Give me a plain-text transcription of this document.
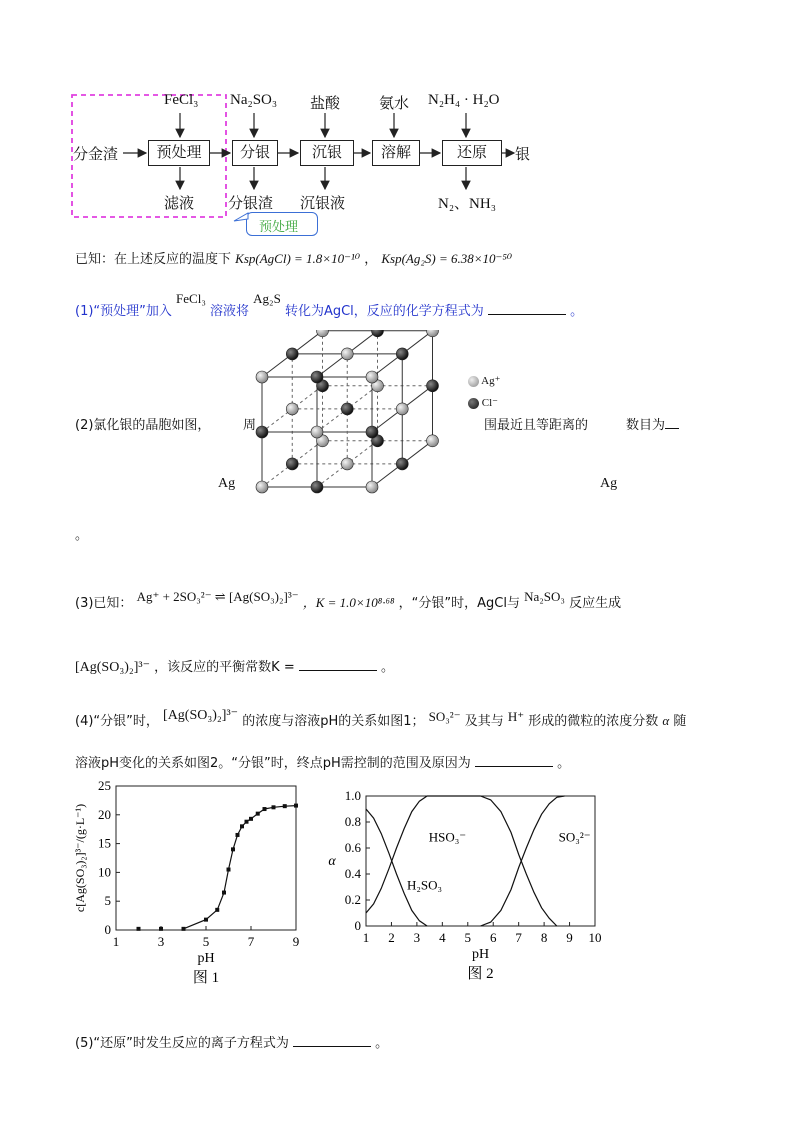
分金渣	预处理	分银	沉银	溶解	还原	银
FeCl₃ Na₂SO₃ 盐酸	氨水 N₂H₄ · H₂O
滤液 分银渣 沉银液	N₂、NH₃
预处理
已知：在上述反应的温度下 Ksp(AgCl) = 1.8×10⁻¹⁰ ， Ksp(Ag₂S) = 6.38×10⁻⁵⁰
(1)“预处理”加入 FeCl₃ 溶液将 Ag₂S 转化为AgCl，反应的化学方程式为	。
Ag⁺
Cl⁻
(2)氯化银的晶胞如图，	周	围最近且等距离的	数目为
Ag	Ag
。
(3)已知： Ag⁺ + 2SO₃²⁻ ⇌ [Ag(SO₃)₂]³⁻ ，K = 1.0×10⁸·⁶⁸ ，“分银”时，AgCl与 Na₂SO₃ 反应生成
[Ag(SO₃)₂]³⁻ ，该反应的平衡常数K =	。
(4)“分银”时， [Ag(SO₃)₂]³⁻ 的浓度与溶液pH的关系如图1； SO₃²⁻ 及其与 H⁺ 形成的微粒的浓度分数 α 随
溶液pH变化的关系如图2。“分银”时，终点pH需控制的范围及原因为	。
1	3	5	7	9
0
5
10
15
20
25
pH
图 1
c[Ag(SO₃)₂]³⁻/(g·L⁻¹)
1 2 3 4 5 6 7 8 9 10
0
0.2
0.4
0.6
0.8
1.0
pH
图 2
α
HSO₃⁻	SO₃²⁻
H₂SO₃
(5)“还原”时发生反应的离子方程式为	。
